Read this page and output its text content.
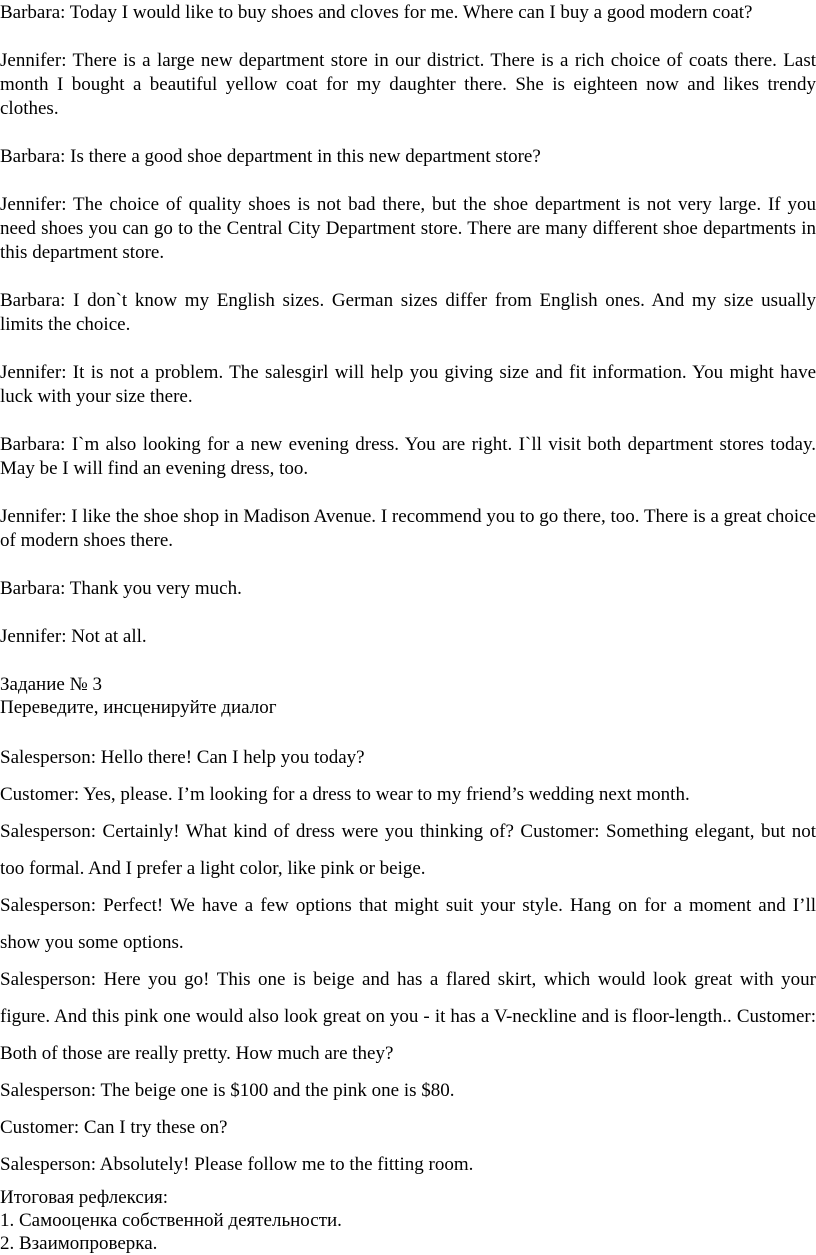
Barbara: Today I would like to buy shoes and cloves for me. Where can I buy a good modern coat?

Jennifer: There is a large new department store in our district. There is a rich choice of coats there. Last month I bought a beautiful yellow coat for my daughter there. She is eighteen now and likes trendy clothes.

Barbara: Is there a good shoe department in this new department store?

Jennifer: The choice of quality shoes is not bad there, but the shoe department is not very large. If you need shoes you can go to the Central City Department store. There are many different shoe departments in this department store.

Barbara: I don`t know my English sizes. German sizes differ from English ones. And my size usually limits the choice.

Jennifer: It is not a problem. The salesgirl will help you giving size and fit information. You might have luck with your size there.

Barbara: I`m also looking for a new evening dress. You are right. I`ll visit both department stores today. May be I will find an evening dress, too.

Jennifer: I like the shoe shop in Madison Avenue. I recommend you to go there, too. There is a great choice of modern shoes there.

Barbara: Thank you very much.

Jennifer: Not at all.

Задание № 3

Переведите, инсценируйте диалог

Salesperson: Hello there! Can I help you today?

Customer: Yes, please. I’m looking for a dress to wear to my friend’s wedding next month.

Salesperson: Certainly! What kind of dress were you thinking of? Customer: Something elegant, but not too formal. And I prefer a light color, like pink or beige.

Salesperson: Perfect! We have a few options that might suit your style. Hang on for a moment and I’ll show you some options.

Salesperson: Here you go! This one is beige and has a flared skirt, which would look great with your figure. And this pink one would also look great on you - it has a V-neckline and is floor-length.. Customer: Both of those are really pretty. How much are they?

Salesperson: The beige one is $100 and the pink one is $80.

Customer: Can I try these on?

Salesperson: Absolutely! Please follow me to the fitting room.

Итоговая рефлексия:

1. Самооценка собственной деятельности.

2. Взаимопроверка.
